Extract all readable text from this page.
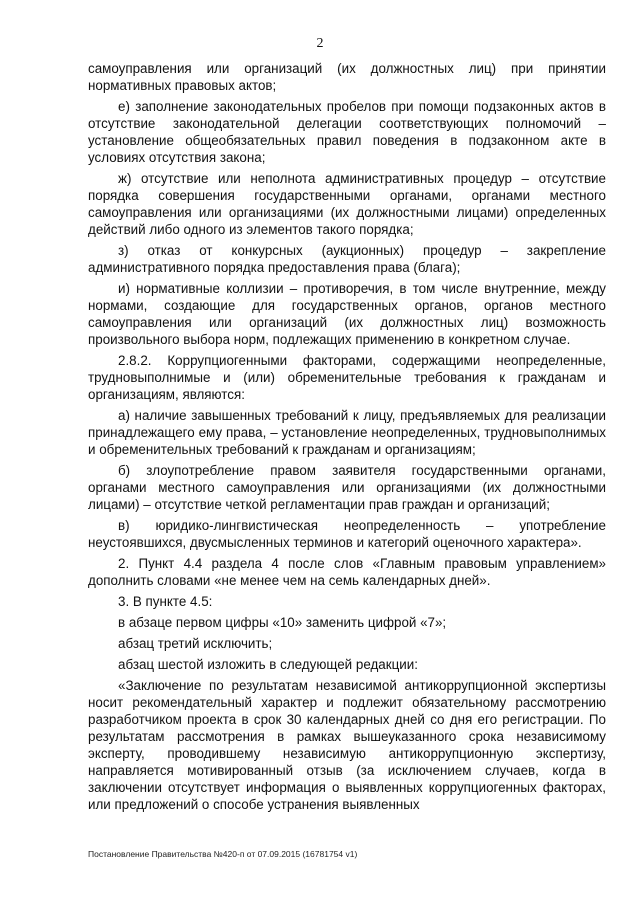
2

самоуправления или организаций (их должностных лиц) при принятии нормативных правовых актов;

е) заполнение законодательных пробелов при помощи подзаконных актов в отсутствие законодательной делегации соответствующих полномочий – установление общеобязательных правил поведения в подзаконном акте в условиях отсутствия закона;

ж) отсутствие или неполнота административных процедур – отсутствие порядка совершения государственными органами, органами местного самоуправления или организациями (их должностными лицами) определенных действий либо одного из элементов такого порядка;

з) отказ от конкурсных (аукционных) процедур – закрепление административного порядка предоставления права (блага);

и) нормативные коллизии – противоречия, в том числе внутренние, между нормами, создающие для государственных органов, органов местного самоуправления или организаций (их должностных лиц) возможность произвольного выбора норм, подлежащих применению в конкретном случае.

2.8.2. Коррупциогенными факторами, содержащими неопределенные, трудновыполнимые и (или) обременительные требования к гражданам и организациям, являются:

а) наличие завышенных требований к лицу, предъявляемых для реализации принадлежащего ему права, – установление неопределенных, трудновыполнимых и обременительных требований к гражданам и организациям;

б) злоупотребление правом заявителя государственными органами, органами местного самоуправления или организациями (их должностными лицами) – отсутствие четкой регламентации прав граждан и организаций;

в) юридико-лингвистическая неопределенность – употребление неустоявшихся, двусмысленных терминов и категорий оценочного характера».

2. Пункт 4.4 раздела 4 после слов «Главным правовым управлением» дополнить словами «не менее чем на семь календарных дней».

3. В пункте 4.5:

в абзаце первом цифры «10» заменить цифрой «7»;

абзац третий исключить;

абзац шестой изложить в следующей редакции:

«Заключение по результатам независимой антикоррупционной экспертизы носит рекомендательный характер и подлежит обязательному рассмотрению разработчиком проекта в срок 30 календарных дней со дня его регистрации. По результатам рассмотрения в рамках вышеуказанного срока независимому эксперту, проводившему независимую антикоррупционную экспертизу, направляется мотивированный отзыв (за исключением случаев, когда в заключении отсутствует информация о выявленных коррупциогенных факторах, или предложений о способе устранения выявленных

Постановление Правительства №420-п от 07.09.2015 (16781754 v1)
